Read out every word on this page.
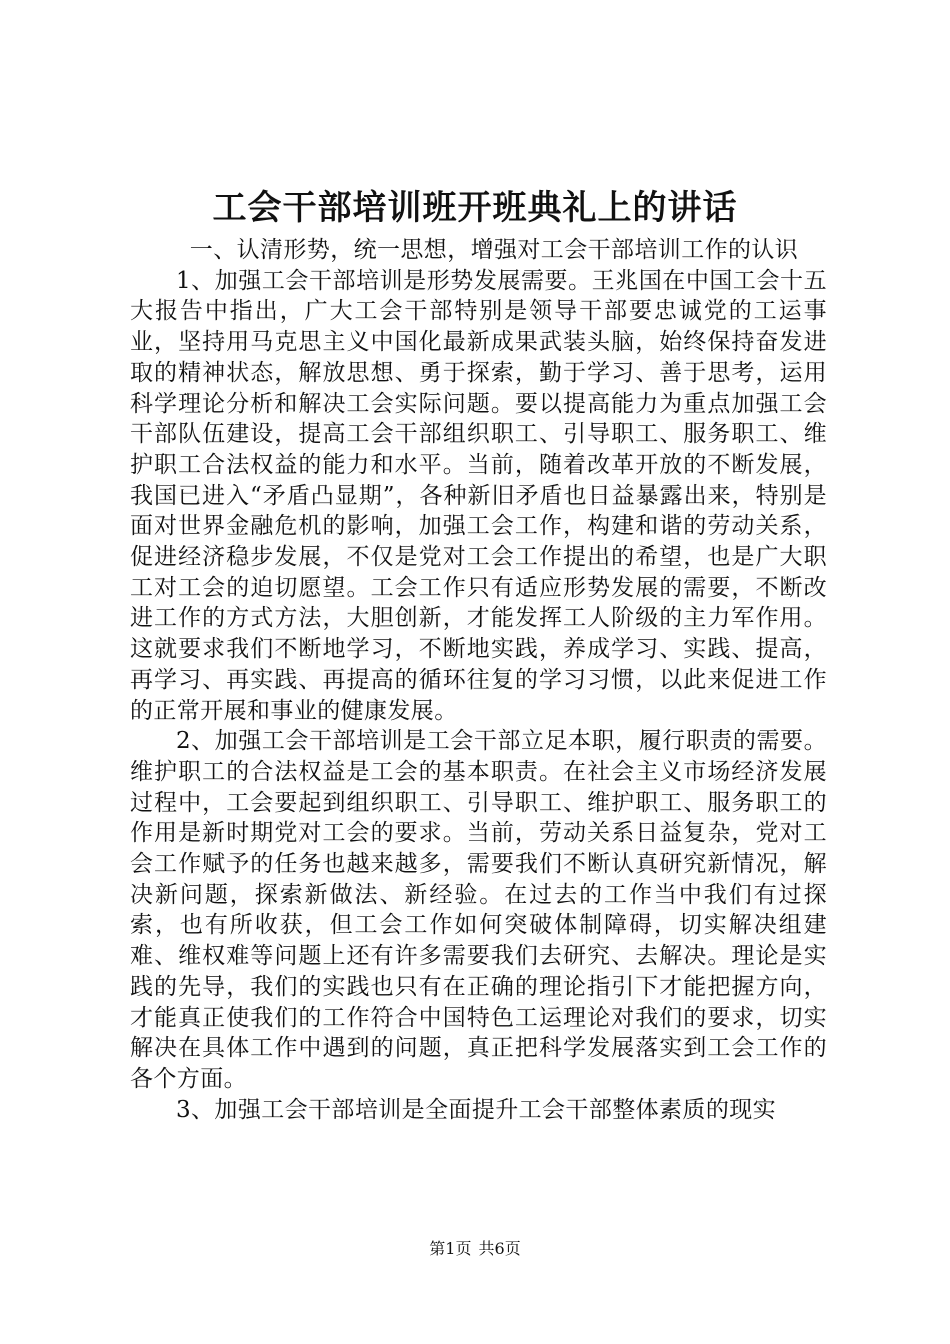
工会干部培训班开班典礼上的讲话

一、认清形势，统一思想，增强对工会干部培训工作的认识

1、加强工会干部培训是形势发展需要。王兆国在中国工会十五大报告中指出，广大工会干部特别是领导干部要忠诚党的工运事业，坚持用马克思主义中国化最新成果武装头脑，始终保持奋发进取的精神状态，解放思想、勇于探索，勤于学习、善于思考，运用科学理论分析和解决工会实际问题。要以提高能力为重点加强工会干部队伍建设，提高工会干部组织职工、引导职工、服务职工、维护职工合法权益的能力和水平。当前，随着改革开放的不断发展，我国已进入“矛盾凸显期”，各种新旧矛盾也日益暴露出来，特别是面对世界金融危机的影响，加强工会工作，构建和谐的劳动关系，促进经济稳步发展，不仅是党对工会工作提出的希望，也是广大职工对工会的迫切愿望。工会工作只有适应形势发展的需要，不断改进工作的方式方法，大胆创新，才能发挥工人阶级的主力军作用。这就要求我们不断地学习，不断地实践，养成学习、实践、提高，再学习、再实践、再提高的循环往复的学习习惯，以此来促进工作的正常开展和事业的健康发展。

2、加强工会干部培训是工会干部立足本职，履行职责的需要。维护职工的合法权益是工会的基本职责。在社会主义市场经济发展过程中，工会要起到组织职工、引导职工、维护职工、服务职工的作用是新时期党对工会的要求。当前，劳动关系日益复杂，党对工会工作赋予的任务也越来越多，需要我们不断认真研究新情况，解决新问题，探索新做法、新经验。在过去的工作当中我们有过探索，也有所收获，但工会工作如何突破体制障碍，切实解决组建难、维权难等问题上还有许多需要我们去研究、去解决。理论是实践的先导，我们的实践也只有在正确的理论指引下才能把握方向，才能真正使我们的工作符合中国特色工运理论对我们的要求，切实解决在具体工作中遇到的问题，真正把科学发展落实到工会工作的各个方面。

3、加强工会干部培训是全面提升工会干部整体素质的现实

第1页 共6页
